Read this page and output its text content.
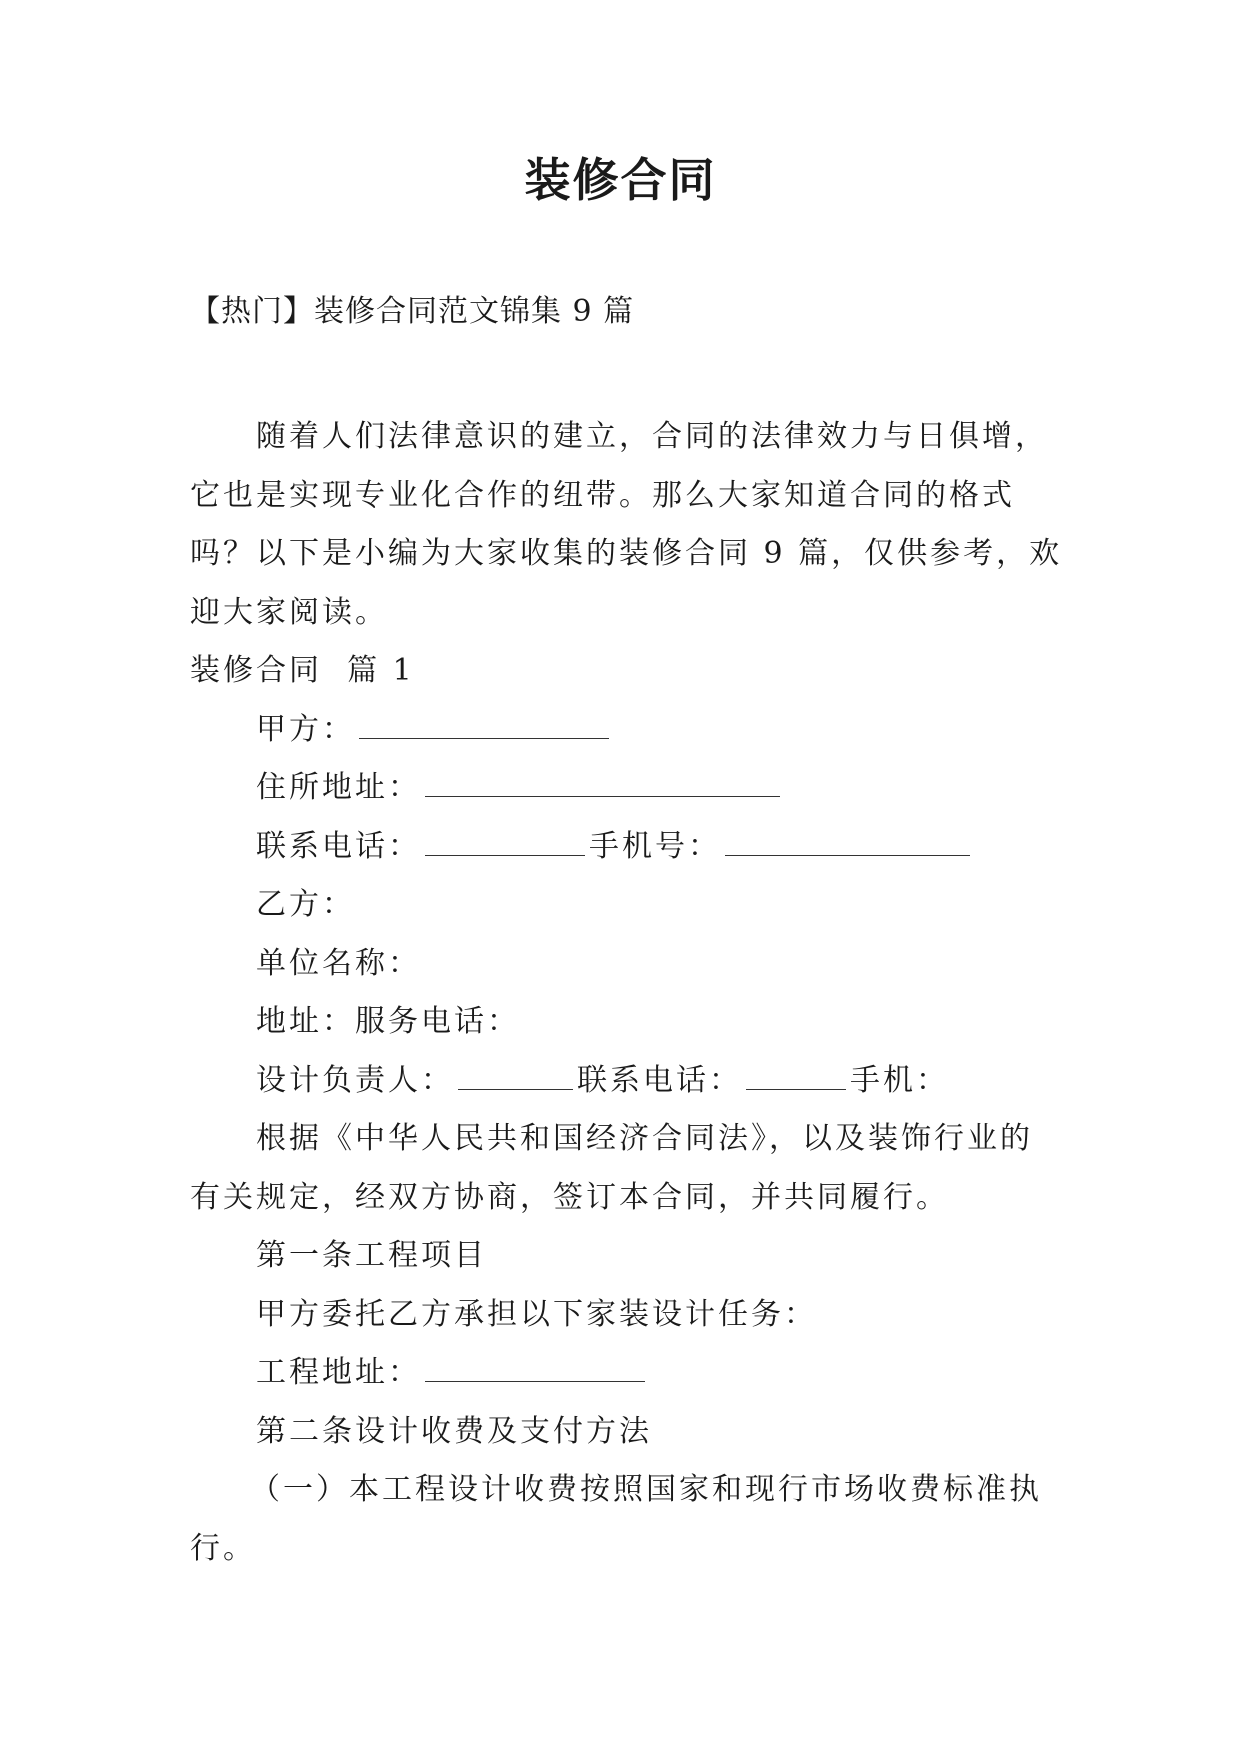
装修合同
【热门】装修合同范文锦集 9 篇

随着人们法律意识的建立，合同的法律效力与日俱增，

它也是实现专业化合作的纽带。那么大家知道合同的格式

吗？以下是小编为大家收集的装修合同 9 篇，仅供参考，欢

迎大家阅读。

装修合同  篇 1

甲方：

住所地址：

联系电话：	手机号：

乙方：

单位名称：

地址：服务电话：

设计负责人：	联系电话：	手机：

根据《中华人民共和国经济合同法》，以及装饰行业的

有关规定，经双方协商，签订本合同，并共同履行。

第一条工程项目

甲方委托乙方承担以下家装设计任务：

工程地址：

第二条设计收费及支付方法

（一）本工程设计收费按照国家和现行市场收费标准执

行。
